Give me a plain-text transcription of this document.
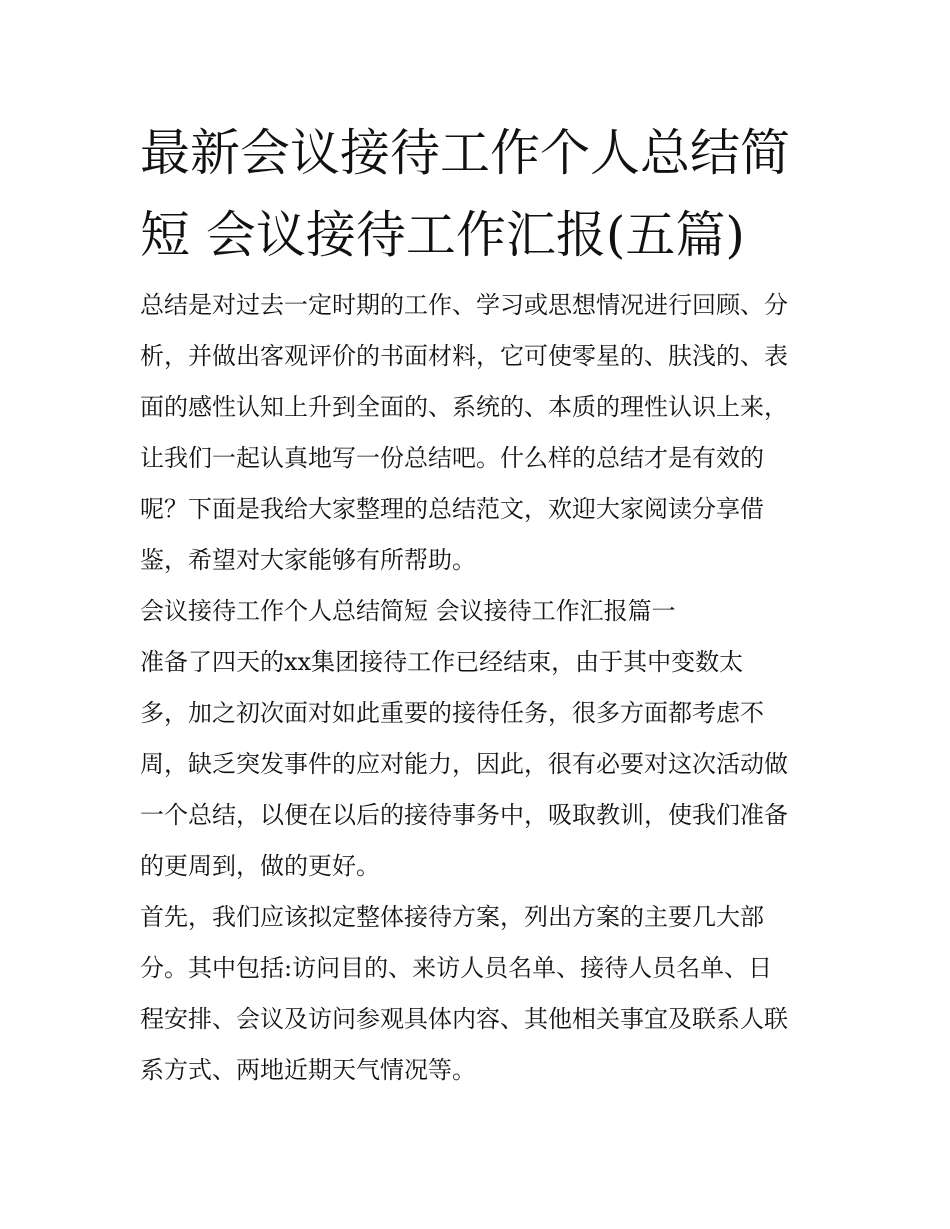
最新会议接待工作个人总结简
短 会议接待工作汇报(五篇)

总结是对过去一定时期的工作、学习或思想情况进行回顾、分
析，并做出客观评价的书面材料，它可使零星的、肤浅的、表
面的感性认知上升到全面的、系统的、本质的理性认识上来，
让我们一起认真地写一份总结吧。什么样的总结才是有效的
呢？下面是我给大家整理的总结范文，欢迎大家阅读分享借
鉴，希望对大家能够有所帮助。

会议接待工作个人总结简短 会议接待工作汇报篇一

准备了四天的xx集团接待工作已经结束，由于其中变数太
多，加之初次面对如此重要的接待任务，很多方面都考虑不
周，缺乏突发事件的应对能力，因此，很有必要对这次活动做
一个总结，以便在以后的接待事务中，吸取教训，使我们准备
的更周到，做的更好。

首先，我们应该拟定整体接待方案，列出方案的主要几大部
分。其中包括:访问目的、来访人员名单、接待人员名单、日
程安排、会议及访问参观具体内容、其他相关事宜及联系人联
系方式、两地近期天气情况等。
